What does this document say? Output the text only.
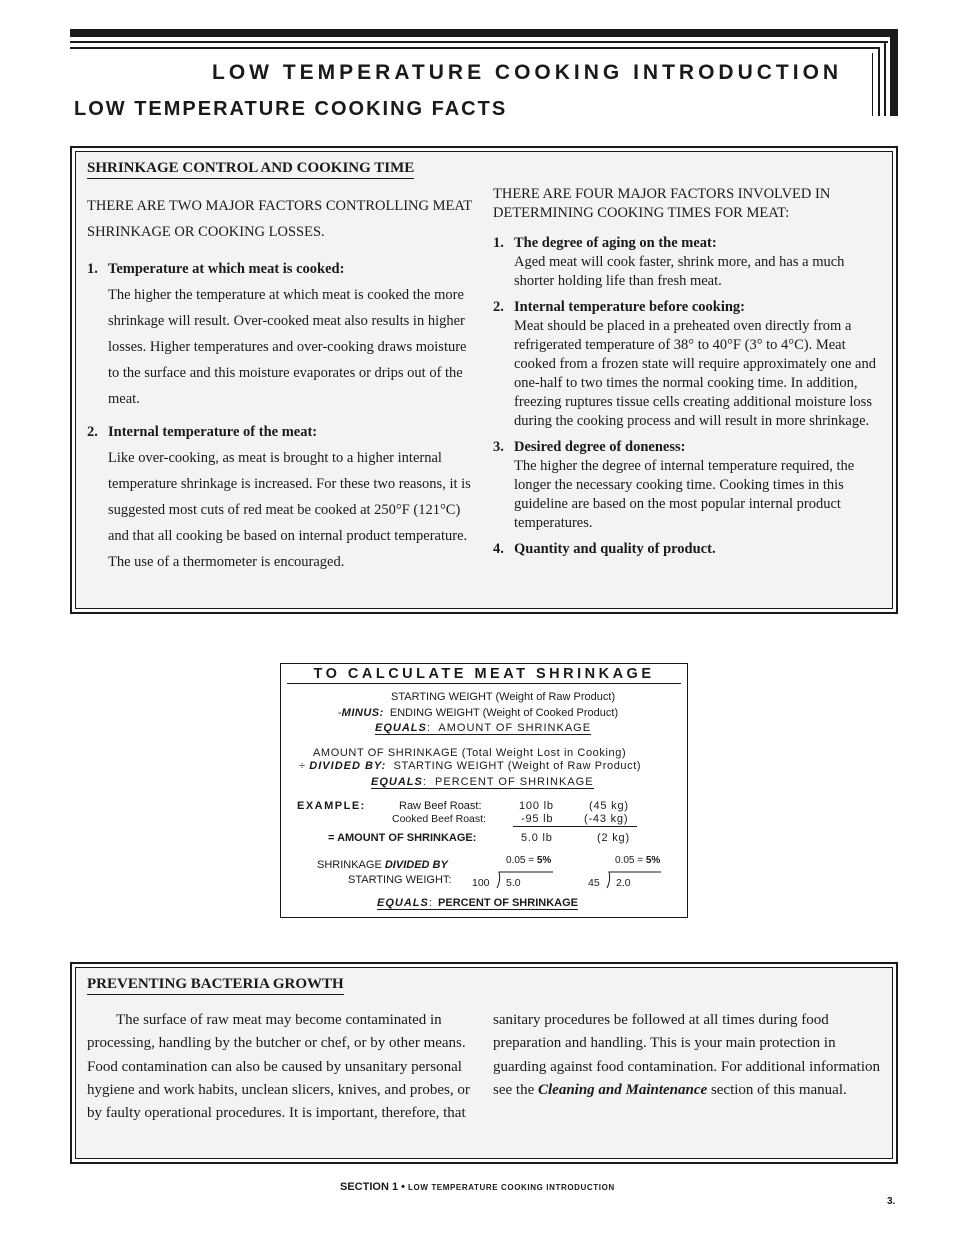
LOW TEMPERATURE COOKING INTRODUCTION
LOW TEMPERATURE COOKING FACTS
SHRINKAGE CONTROL AND COOKING TIME

THERE ARE TWO MAJOR FACTORS CONTROLLING MEAT SHRINKAGE OR COOKING LOSSES.

1. Temperature at which meat is cooked:
The higher the temperature at which meat is cooked the more shrinkage will result. Over-cooked meat also results in higher losses. Higher temperatures and over-cooking draws moisture to the surface and this moisture evaporates or drips out of the meat.
2. Internal temperature of the meat:
Like over-cooking, as meat is brought to a higher internal temperature shrinkage is increased. For these two reasons, it is suggested most cuts of red meat be cooked at 250°F (121°C) and that all cooking be based on internal product temperature. The use of a thermometer is encouraged.

THERE ARE FOUR MAJOR FACTORS INVOLVED IN DETERMINING COOKING TIMES FOR MEAT:

1. The degree of aging on the meat:
Aged meat will cook faster, shrink more, and has a much shorter holding life than fresh meat.
2. Internal temperature before cooking:
Meat should be placed in a preheated oven directly from a refrigerated temperature of 38° to 40°F (3° to 4°C). Meat cooked from a frozen state will require approximately one and one-half to two times the normal cooking time. In addition, freezing ruptures tissue cells creating additional moisture loss during the cooking process and will result in more shrinkage.
3. Desired degree of doneness:
The higher the degree of internal temperature required, the longer the necessary cooking time. Cooking times in this guideline are based on the most popular internal product temperatures.
4. Quantity and quality of product.
TO CALCULATE MEAT SHRINKAGE
STARTING WEIGHT (Weight of Raw Product)
-MINUS: ENDING WEIGHT (Weight of Cooked Product)
EQUALS:  AMOUNT OF SHRINKAGE
AMOUNT OF SHRINKAGE (Total Weight Lost in Cooking)
÷ DIVIDED BY: STARTING WEIGHT (Weight of Raw Product)
EQUALS:  PERCENT OF SHRINKAGE
EXAMPLE:	Raw Beef Roast:	100 lb	(45 kg)
Cooked Beef Roast:	-95 lb	(-43 kg)
= AMOUNT OF SHRINKAGE:	5.0 lb	(2 kg)
SHRINKAGE DIVIDED BY
STARTING WEIGHT:
0.05 = 5%	0.05 = 5%
100 5.0	45 2.0
EQUALS:  PERCENT OF SHRINKAGE
PREVENTING BACTERIA GROWTH

The surface of raw meat may become contaminated in processing, handling by the butcher or chef, or by other means. Food contamination can also be caused by unsanitary personal hygiene and work habits, unclean slicers, knives, and probes, or by faulty operational procedures. It is important, therefore, that

sanitary procedures be followed at all times during food preparation and handling. This is your main protection in guarding against food contamination. For additional information see the Cleaning and Maintenance section of this manual.

SECTION 1 • LOW TEMPERATURE COOKING INTRODUCTION
3.
